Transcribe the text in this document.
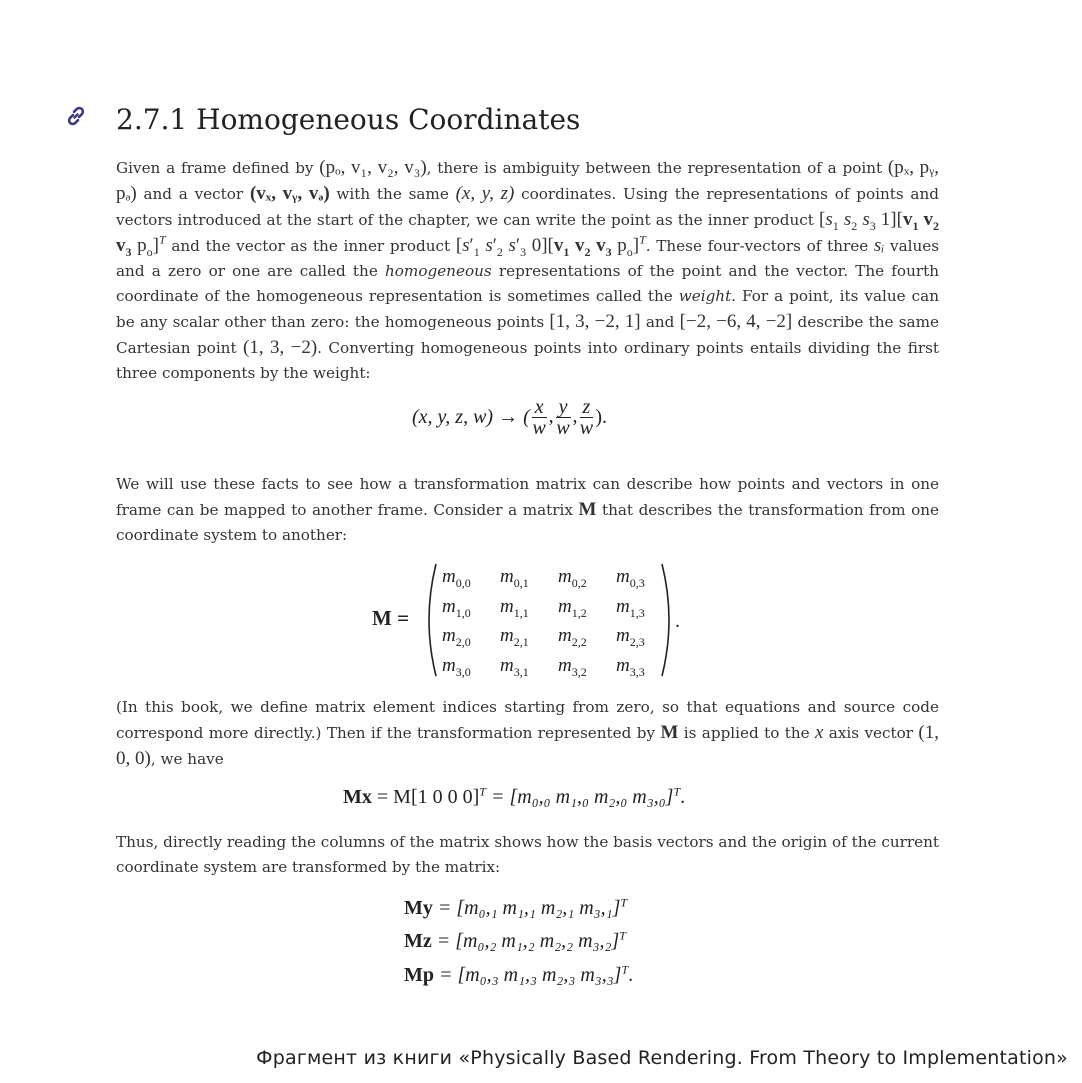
2.7.1 Homogeneous Coordinates

Given a frame defined by (pₒ, v₁, v₂, v₃), there is ambiguity between the representation of a point (pₓ, pᵧ, pₔ) and a vector (vₓ, vᵧ, vₔ) with the same (x, y, z) coordinates. Using the representations of points and vectors introduced at the start of the chapter, we can write the point as the inner product [$s_1$ $s_2$ $s_3$ $1][v_1$ $v_2$ $v_3$ $p_o]^T$ and the vector as the inner product [$s'_1$ $s'_2$ $s'_3$ $0][v_1$ $v_2$ $v_3$ $p_o]^T$. These four-vectors of three sᵢ values and a zero or one are called the homogeneous representations of the point and the vector. The fourth coordinate of the homogeneous representation is sometimes called the weight. For a point, its value can be any scalar other than zero: the homogeneous points [1, 3, −2, 1] and [−2, −6, 4, −2] describe the same Cartesian point (1, 3, −2). Converting homogeneous points into ordinary points entails dividing the first three components by the weight:

(x, y, z, w) → ( $\frac{x}{w}$ , $\frac{y}{w}$ , $\frac{z}{w}$ ).

We will use these facts to see how a transformation matrix can describe how points and vectors in one frame can be mapped to another frame. Consider a matrix M that describes the transformation from one coordinate system to another:

M =
$m_{0,0}$ $m_{0,1}$ $m_{0,2}$ $m_{0,3}$
$m_{1,0}$ $m_{1,1}$ $m_{1,2}$ $m_{1,3}$
$m_{2,0}$ $m_{2,1}$ $m_{2,2}$ $m_{2,3}$
$m_{3,0}$ $m_{3,1}$ $m_{3,2}$ $m_{3,3}$
.

(In this book, we define matrix element indices starting from zero, so that equations and source code correspond more directly.) Then if the transformation represented by M is applied to the x axis vector (1, 0, 0), we have

Mx = M[1 0 0 0]$^T$ = [m₀,₀ m₁,₀ m₂,₀ m₃,₀]$^T$.

Thus, directly reading the columns of the matrix shows how the basis vectors and the origin of the current coordinate system are transformed by the matrix:

My = [m₀,₁ m₁,₁ m₂,₁ m₃,₁]$^T$
Mz = [m₀,₂ m₁,₂ m₂,₂ m₃,₂]$^T$
Mp = [m₀,₃ m₁,₃ m₂,₃ m₃,₃]$^T$.
Фрагмент из книги «Physically Based Rendering. From Theory to Implementation»
